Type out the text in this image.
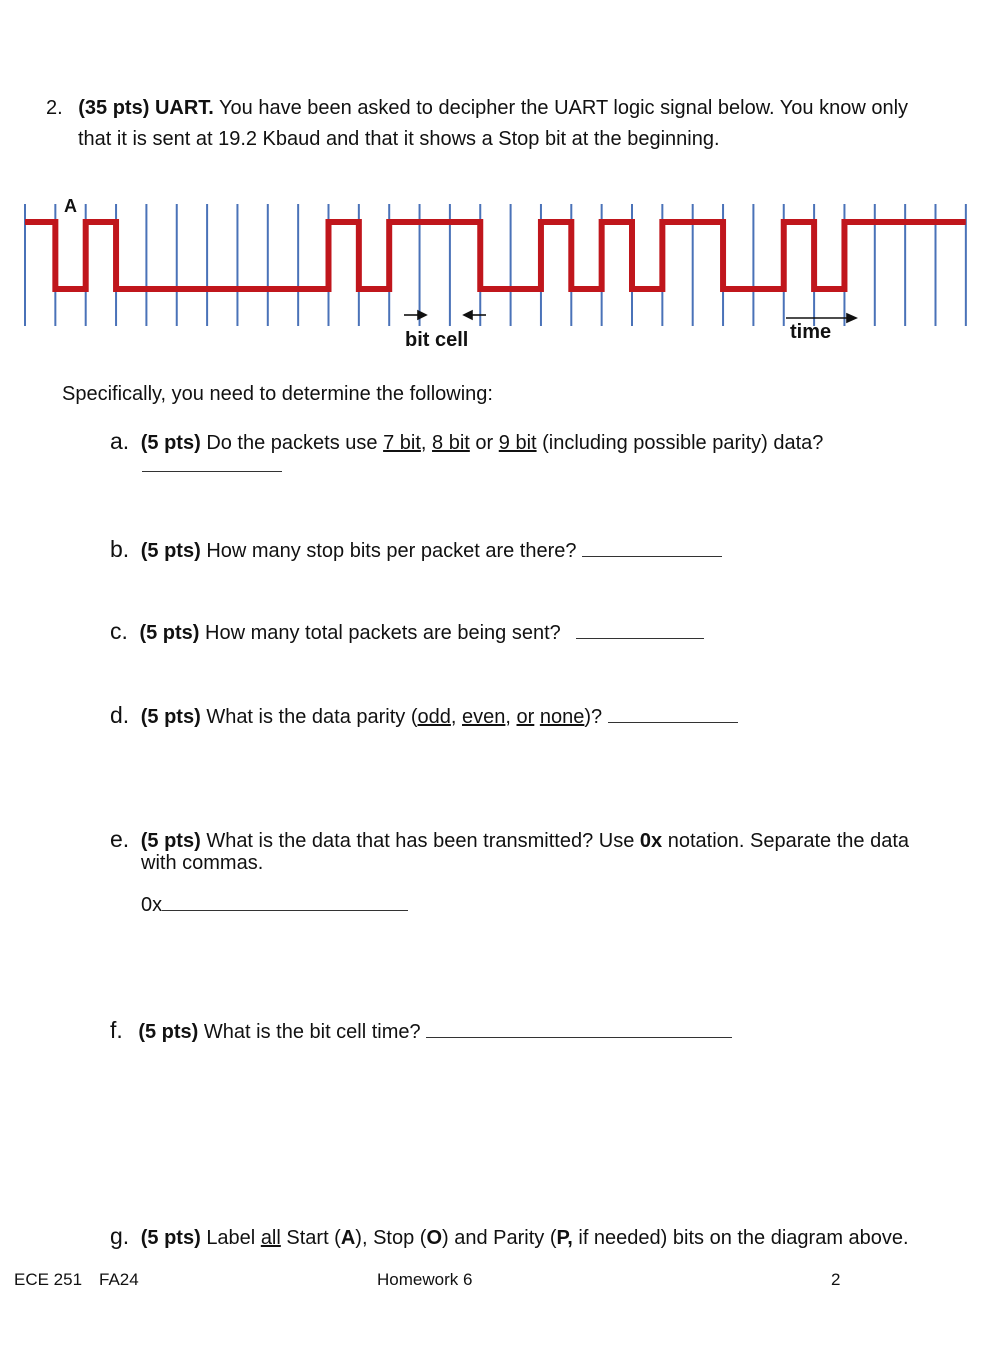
2. (35 pts) UART. You have been asked to decipher the UART logic signal below. You know only
that it is sent at 19.2 Kbaud and that it shows a Stop bit at the beginning.
A
bit cell	time
Specifically, you need to determine the following:
a. (5 pts) Do the packets use 7 bit, 8 bit or 9 bit (including possible parity) data?
b. (5 pts) How many stop bits per packet are there?
c. (5 pts) How many total packets are being sent?
d. (5 pts) What is the data parity (odd, even, or none)?
e. (5 pts) What is the data that has been transmitted? Use 0x notation. Separate the data
with commas.
0x
f. (5 pts) What is the bit cell time?
g. (5 pts) Label all Start (A), Stop (O) and Parity (P, if needed) bits on the diagram above.
ECE 251 FA24	Homework 6	2
